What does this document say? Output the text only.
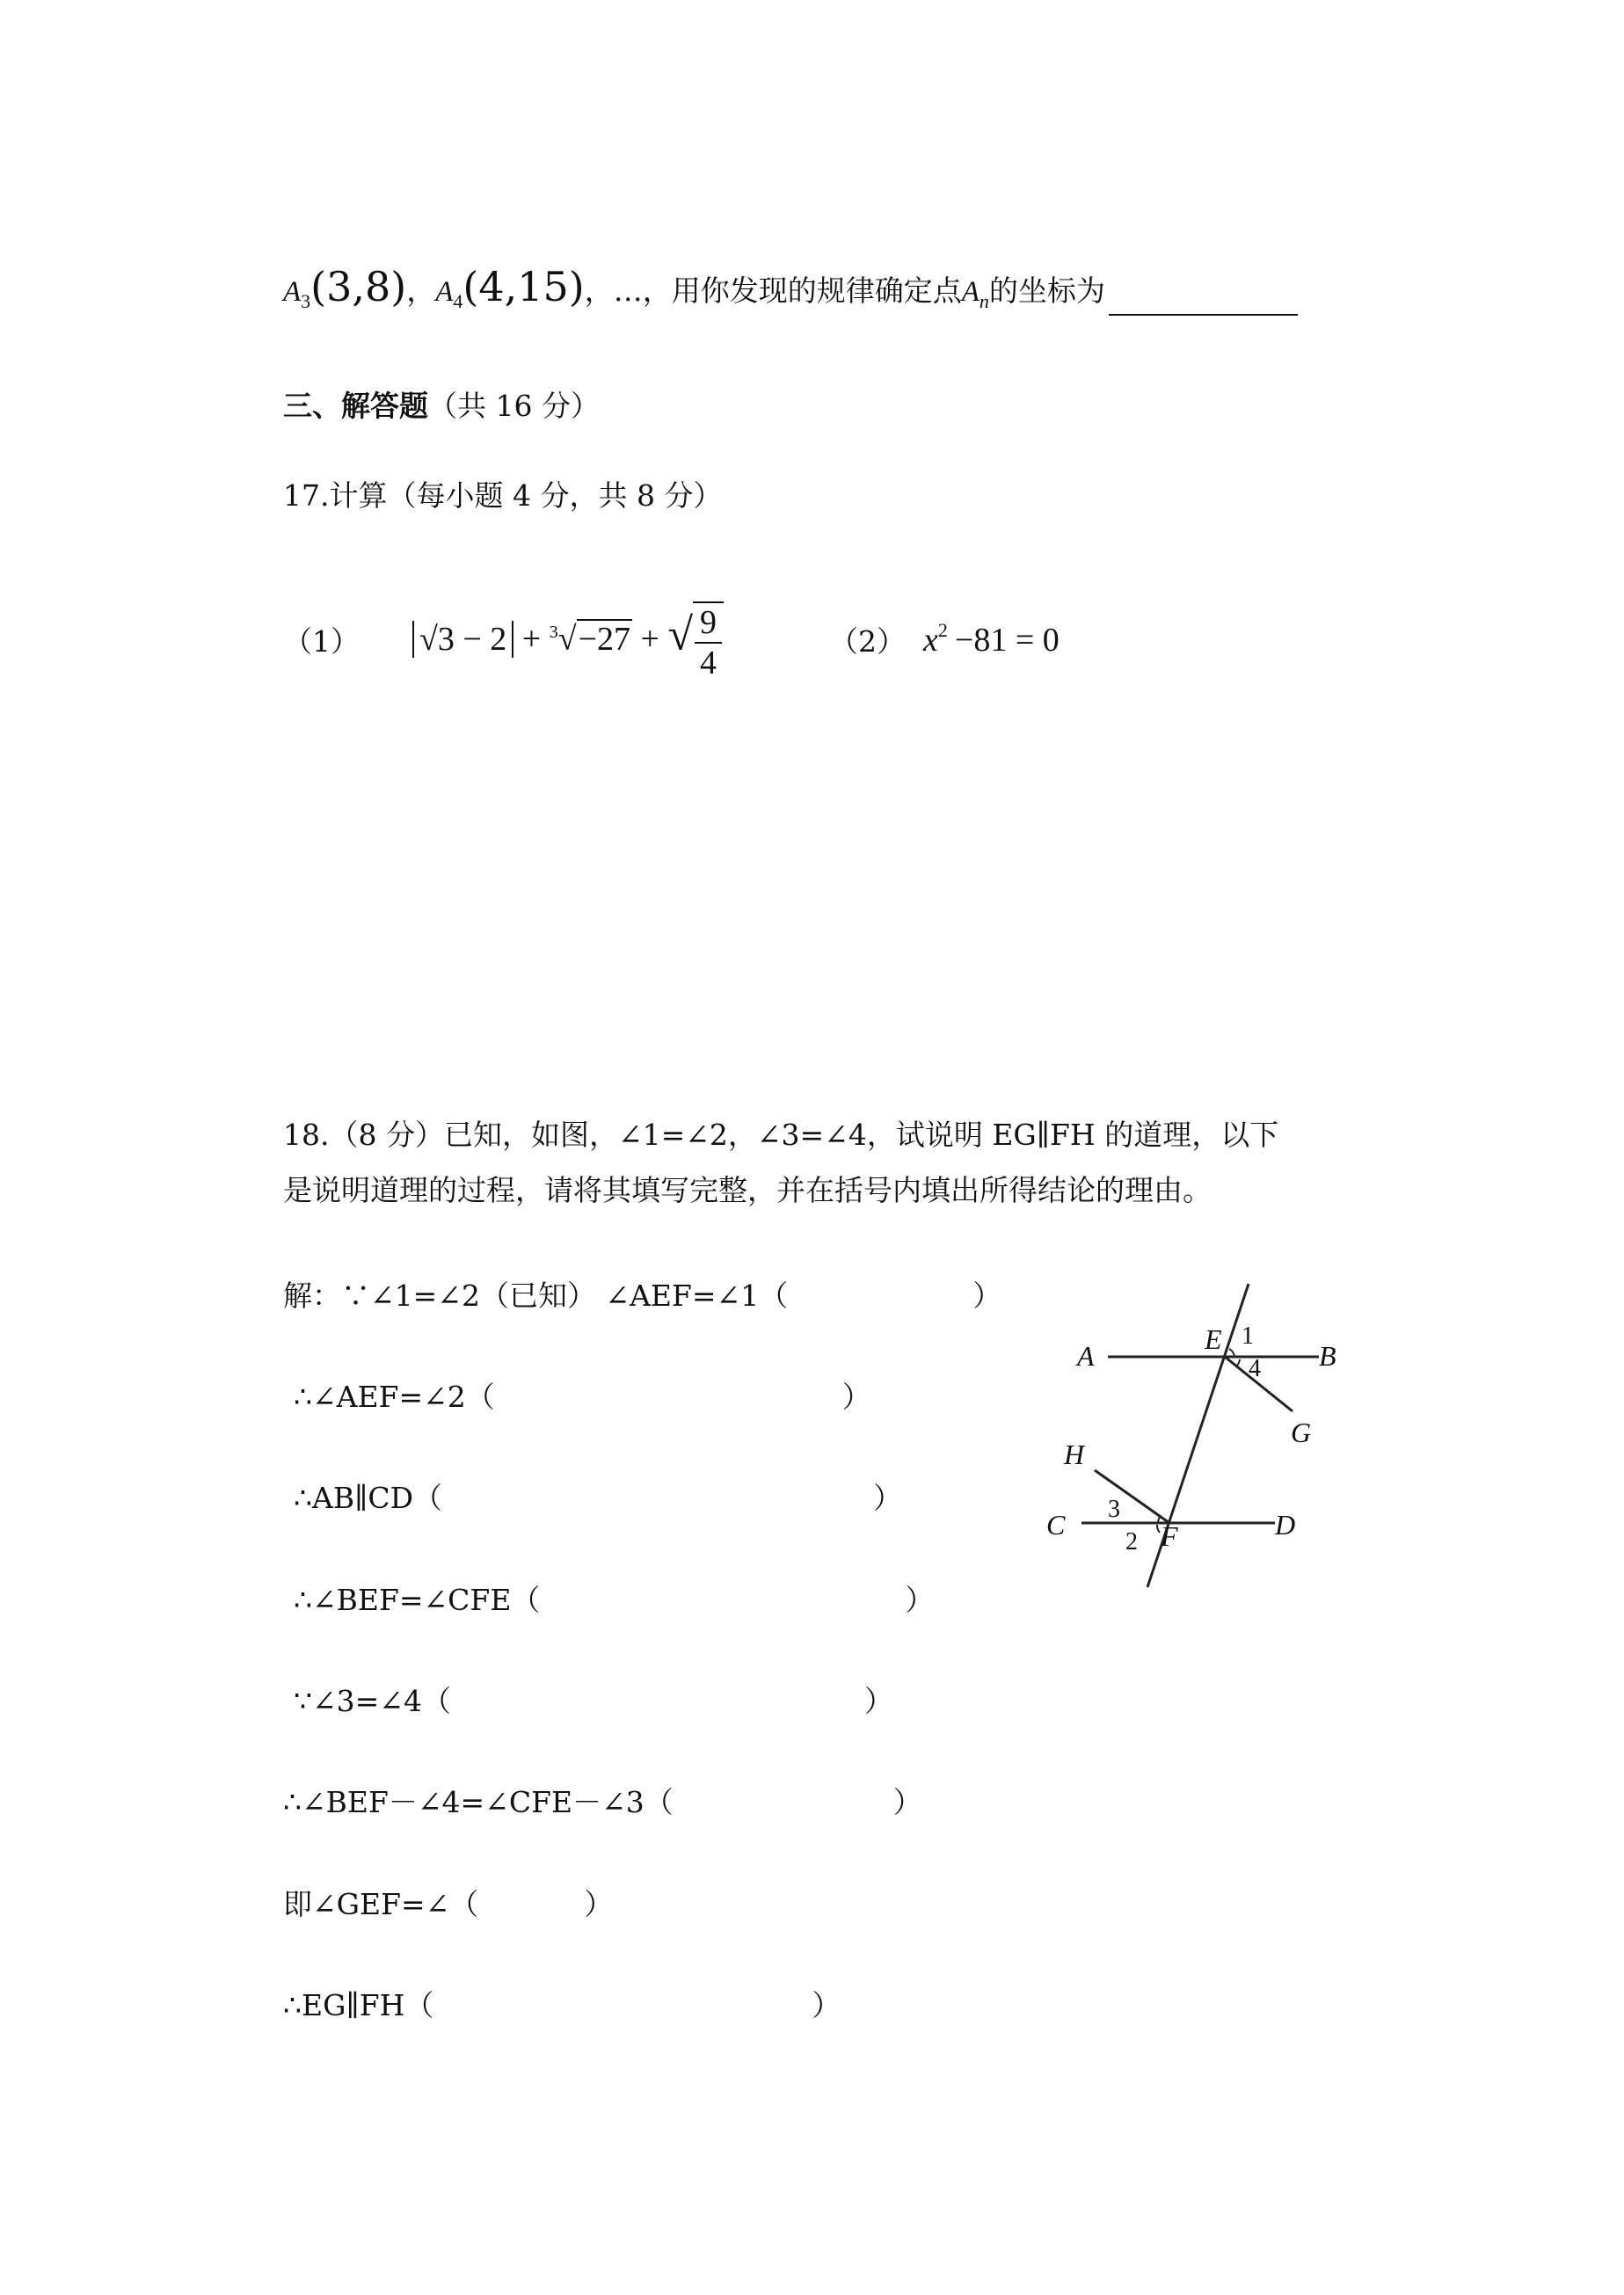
$A_3(3,8)$，$A_4(4,15)$，…，用你发现的规律确定点$A_n$的坐标为
三、解答题（共 16 分）
17.计算（每小题 4 分，共 8 分）
（1） √3 − 2 + $^3$√−27 + √ $\frac{9}{4}$	（2） $x^2 -81 = 0$
18.（8 分）已知，如图，∠1=∠2，∠3=∠4，试说明 EG∥FH 的道理，以下
是说明道理的过程，请将其填写完整，并在括号内填出所得结论的理由。
解：∵∠1=∠2（已知） ∠AEF=∠1（	）
∴∠AEF=∠2（	）
∴AB∥CD（	）
∴∠BEF=∠CFE（	）
∵∠3=∠4（	）
∴∠BEF－∠4=∠CFE－∠3（	）
即∠GEF=∠（	）
∴EG∥FH（	）
A	B
E 1
4
G
H
3
C	F
2
D
